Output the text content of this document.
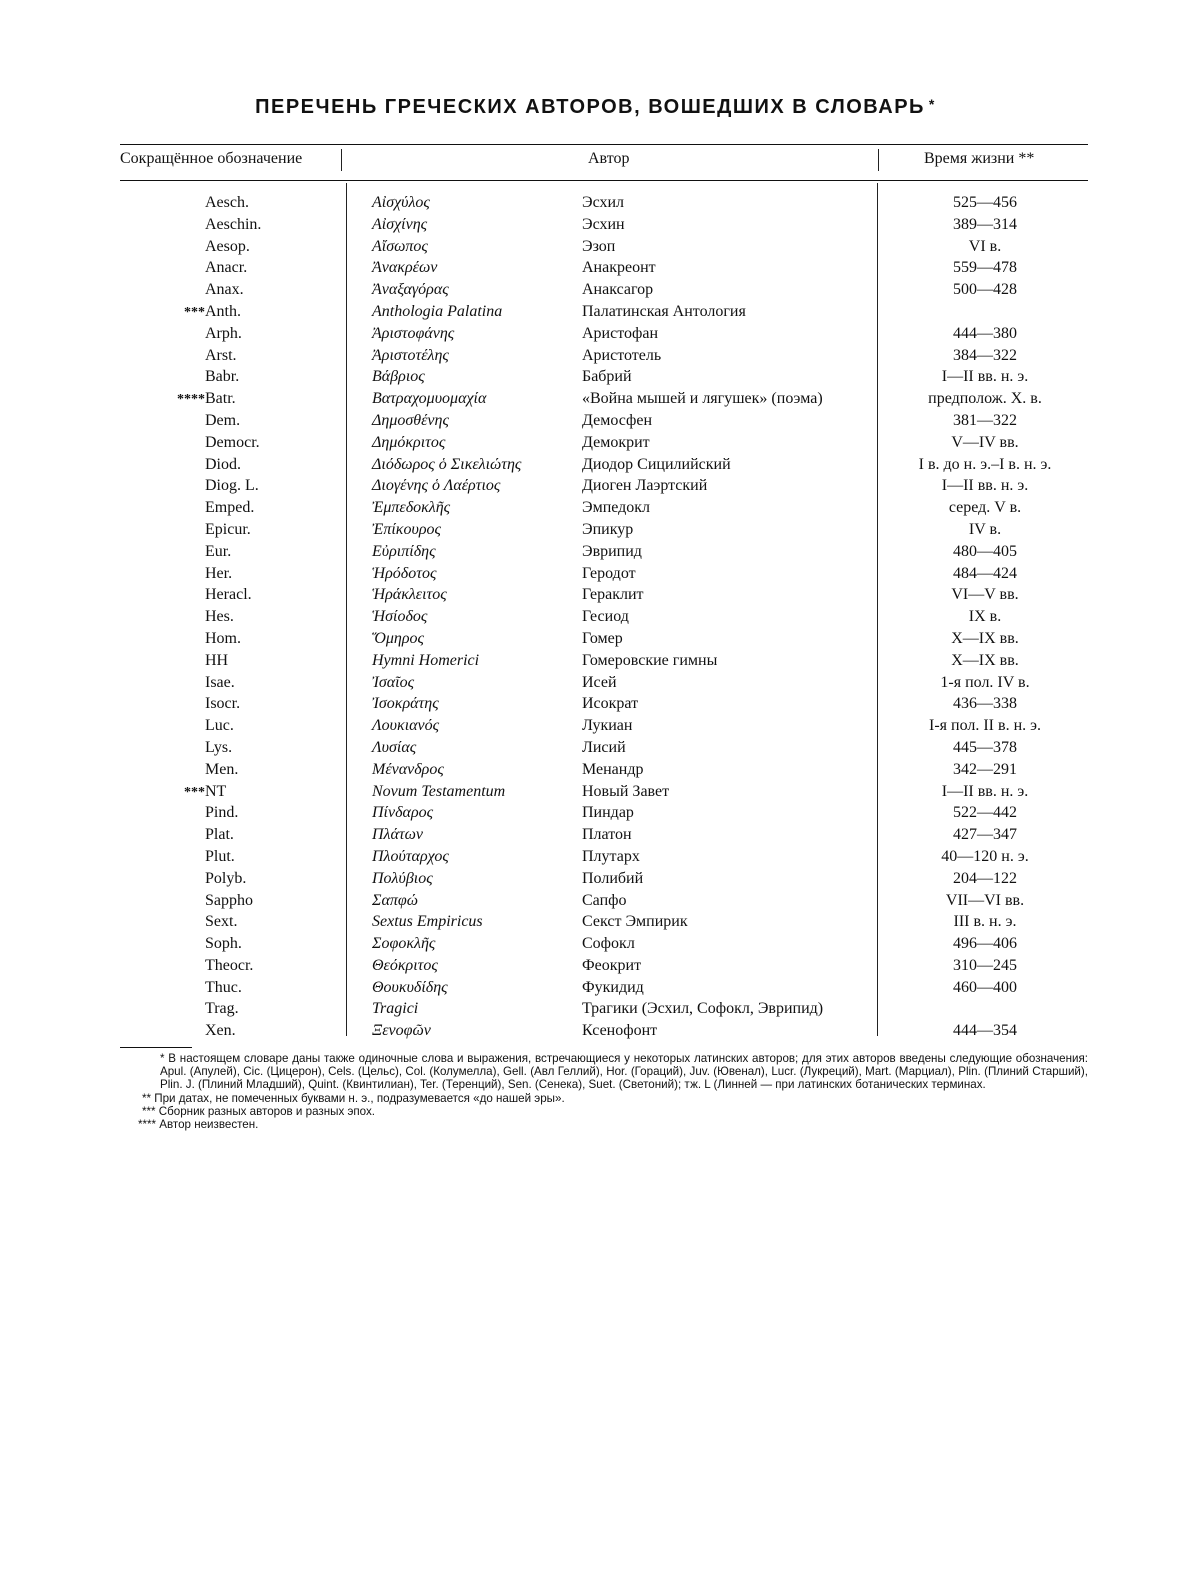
ПЕРЕЧЕНЬ ГРЕЧЕСКИХ АВТОРОВ, ВОШЕДШИХ В СЛОВАРЬ *
Сокращённое обозначение	Автор	Время жизни **
Aesch.	Αἰσχύλος	Эсхил	525—456
Aeschin.	Αἰσχίνης	Эсхин	389—314
Aesop.	Αἴσωπος	Эзоп	VI в.
Anacr.	Ἀνακρέων	Анакреонт	559—478
Anax.	Ἀναξαγόρας	Анаксагор	500—428
***Anth.	Anthologia Palatina	Палатинская Антология
Arph.	Ἀριστοφάνης	Аристофан	444—380
Arst.	Ἀριστοτέλης	Аристотель	384—322
Babr.	Βάβριος	Бабрий	I—II вв. н. э.
****Batr.	Βατραχομυομαχία	«Война мышей и лягушек» (поэма)	предполож. X. в.
Dem.	Δημοσθένης	Демосфен	381—322
Democr.	Δημόκριτος	Демокрит	V—IV вв.
Diod.	Διόδωρος ὁ Σικελιώτης	Диодор Сицилийский	I в. до н. э.–I в. н. э.
Diog. L.	Διογένης ὁ Λαέρτιος	Диоген Лаэртский	I—II вв. н. э.
Emped.	Ἐμπεδοκλῆς	Эмпедокл	серед. V в.
Epicur.	Ἐπίκουρος	Эпикур	IV в.
Eur.	Εὐριπίδης	Эврипид	480—405
Her.	Ἡρόδοτος	Геродот	484—424
Heracl.	Ἡράκλειτος	Гераклит	VI—V вв.
Hes.	Ἡσίοδος	Гесиод	IX в.
Hom.	Ὅμηρος	Гомер	X—IX вв.
HH	Hymni Homerici	Гомеровские гимны	X—IX вв.
Isae.	Ἰσαῖος	Исей	1-я пол. IV в.
Isocr.	Ἰσοκράτης	Исократ	436—338
Luc.	Λουκιανός	Лукиан	I-я пол. II в. н. э.
Lys.	Λυσίας	Лисий	445—378
Men.	Μένανδρος	Менандр	342—291
***NT	Novum Testamentum	Новый Завет	I—II вв. н. э.
Pind.	Πίνδαρος	Пиндар	522—442
Plat.	Πλάτων	Платон	427—347
Plut.	Πλούταρχος	Плутарх	40—120 н. э.
Polyb.	Πολύβιος	Полибий	204—122
Sappho	Σαπφώ	Сапфо	VII—VI вв.
Sext.	Sextus Empiricus	Секст Эмпирик	III в. н. э.
Soph.	Σοφοκλῆς	Софокл	496—406
Theocr.	Θεόκριτος	Феокрит	310—245
Thuc.	Θουκυδίδης	Фукидид	460—400
Trag.	Tragici	Трагики (Эсхил, Софокл, Эврипид)
Xen.	Ξενοφῶν	Ксенофонт	444—354

* В настоящем словаре даны также одиночные слова и выражения, встречающиеся у некоторых латинских авторов; для этих авторов введены следующие обозначения: Apul. (Апулей), Cic. (Цицерон), Cels. (Цельс), Col. (Колумелла), Gell. (Авл Геллий), Hor. (Гораций), Juv. (Ювенал), Lucr. (Лукреций), Mart. (Марциал), Plin. (Плиний Старший), Plin. J. (Плиний Младший), Quint. (Квинтилиан), Ter. (Теренций), Sen. (Сенека), Suet. (Светоний); тж. L (Линней — при латинских ботанических терминах.

** При датах, не помеченных буквами н. э., подразумевается «до нашей эры».

*** Сборник разных авторов и разных эпох.

**** Автор неизвестен.
